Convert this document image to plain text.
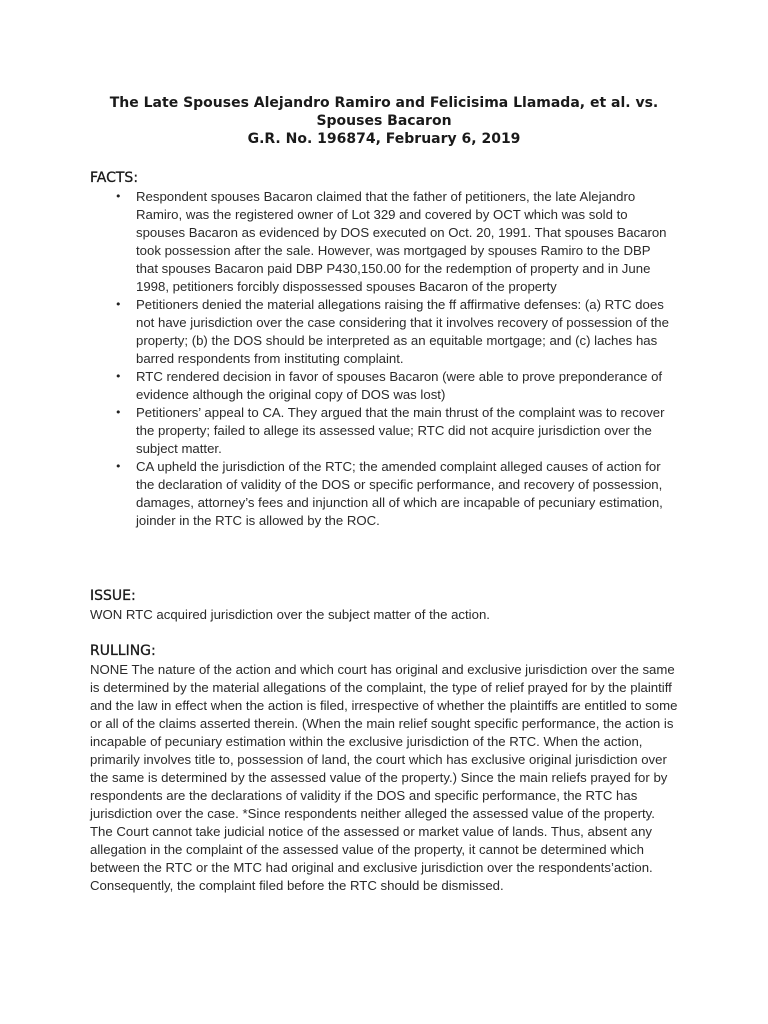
The Late Spouses Alejandro Ramiro and Felicisima Llamada, et al. vs.
Spouses Bacaron
G.R. No. 196874, February 6, 2019
FACTS:
• Respondent spouses Bacaron claimed that the father of petitioners, the late Alejandro Ramiro, was the registered owner of Lot 329 and covered by OCT which was sold to spouses Bacaron as evidenced by DOS executed on Oct. 20, 1991. That spouses Bacaron took possession after the sale. However, was mortgaged by spouses Ramiro to the DBP that spouses Bacaron paid DBP P430,150.00 for the redemption of property and in June 1998, petitioners forcibly dispossessed spouses Bacaron of the property
• Petitioners denied the material allegations raising the ff affirmative defenses: (a) RTC does not have jurisdiction over the case considering that it involves recovery of possession of the property; (b) the DOS should be interpreted as an equitable mortgage; and (c) laches has barred respondents from instituting complaint.
• RTC rendered decision in favor of spouses Bacaron (were able to prove preponderance of evidence although the original copy of DOS was lost)
• Petitioners’ appeal to CA. They argued that the main thrust of the complaint was to recover the property; failed to allege its assessed value; RTC did not acquire jurisdiction over the subject matter.
• CA upheld the jurisdiction of the RTC; the amended complaint alleged causes of action for the declaration of validity of the DOS or specific performance, and recovery of possession, damages, attorney’s fees and injunction all of which are incapable of pecuniary estimation, joinder in the RTC is allowed by the ROC.
ISSUE:
WON RTC acquired jurisdiction over the subject matter of the action.
RULLING:
NONE The nature of the action and which court has original and exclusive jurisdiction over the same is determined by the material allegations of the complaint, the type of relief prayed for by the plaintiff and the law in effect when the action is filed, irrespective of whether the plaintiffs are entitled to some or all of the claims asserted therein. (When the main relief sought specific performance, the action is incapable of pecuniary estimation within the exclusive jurisdiction of the RTC. When the action, primarily involves title to, possession of land, the court which has exclusive original jurisdiction over the same is determined by the assessed value of the property.) Since the main reliefs prayed for by respondents are the declarations of validity if the DOS and specific performance, the RTC has jurisdiction over the case. *Since respondents neither alleged the assessed value of the property. The Court cannot take judicial notice of the assessed or market value of lands. Thus, absent any allegation in the complaint of the assessed value of the property, it cannot be determined which between the RTC or the MTC had original and exclusive jurisdiction over the respondents’action. Consequently, the complaint filed before the RTC should be dismissed.
